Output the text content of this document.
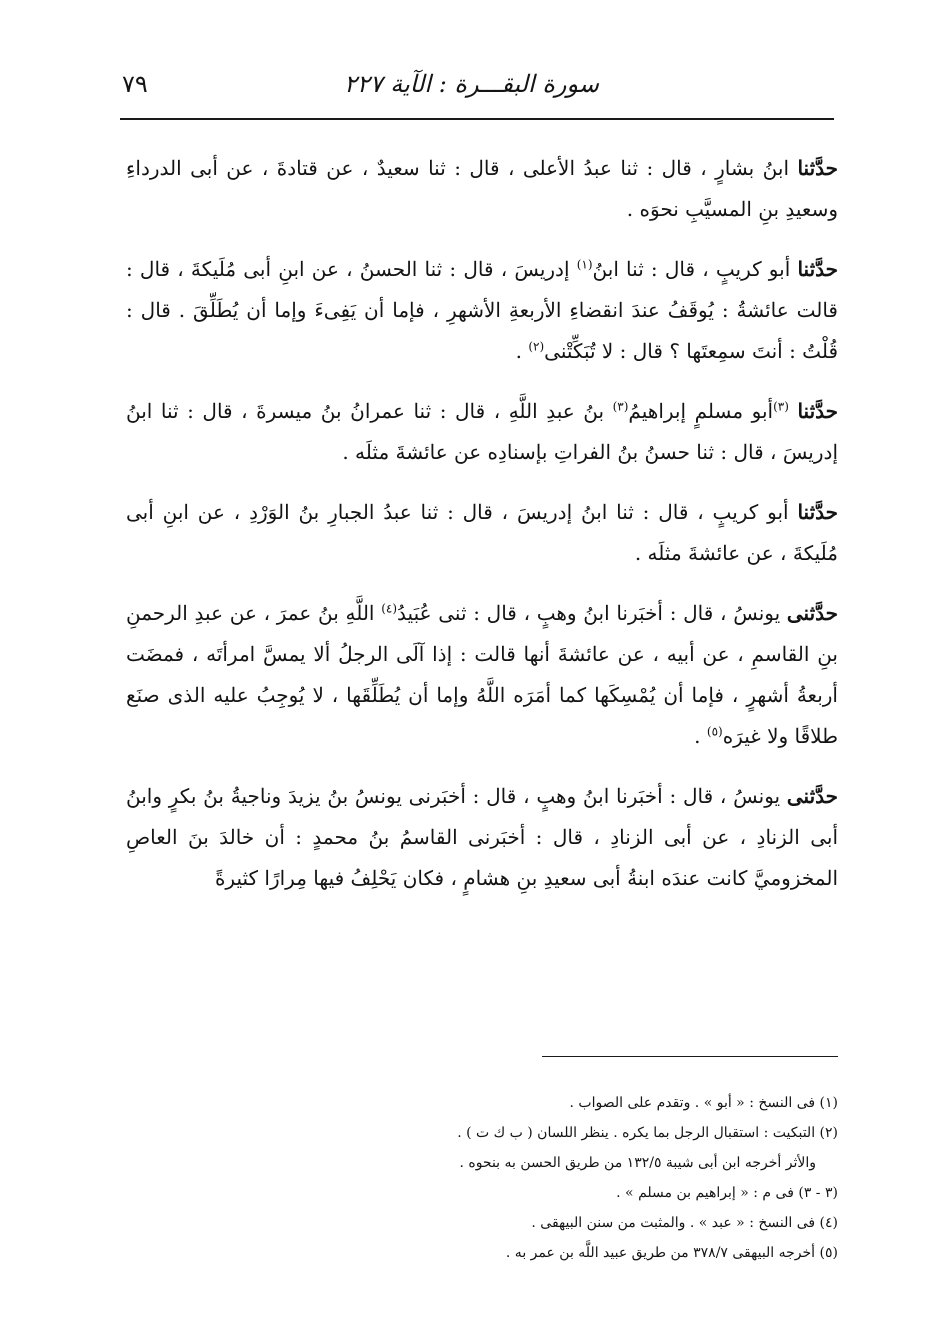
سورة البقـــرة : الآية ٢٢٧
٧٩

حدَّثنا ابنُ بشارٍ ، قال : ثنا عبدُ الأعلى ، قال : ثنا سعيدٌ ، عن قتادةَ ، عن أبى الدرداءِ وسعيدِ بنِ المسيَّبِ نحوَه .

حدَّثنا أبو كريبٍ ، قال : ثنا ابنُ$^{(١)}$ إدريسَ ، قال : ثنا الحسنُ ، عن ابنِ أبى مُلَيكةَ ، قال : قالت عائشةُ : يُوقَفُ عندَ انقضاءِ الأربعةِ الأشهرِ ، فإما أن يَفِىءَ وإما أن يُطَلِّقَ . قال : قُلْتُ : أنتَ سمِعتَها ؟ قال : لا تُبَكِّتْنى$^{(٢)}$ .

حدَّثنا $^{(٣)}$أبو مسلمٍ إبراهيمُ$^{(٣)}$ بنُ عبدِ اللَّهِ ، قال : ثنا عمرانُ بنُ ميسرةَ ، قال : ثنا ابنُ إدريسَ ، قال : ثنا حسنُ بنُ الفراتِ بإسنادِه عن عائشةَ مثلَه .

حدَّثنا أبو كريبٍ ، قال : ثنا ابنُ إدريسَ ، قال : ثنا عبدُ الجبارِ بنُ الوَرْدِ ، عن ابنِ أبى مُلَيكةَ ، عن عائشةَ مثلَه .

حدَّثنى يونسُ ، قال : أخبَرنا ابنُ وهبٍ ، قال : ثنى عُبَيدُ$^{(٤)}$ اللَّهِ بنُ عمرَ ، عن عبدِ الرحمنِ بنِ القاسمِ ، عن أبيه ، عن عائشةَ أنها قالت : إذا آلَى الرجلُ ألا يمسَّ امرأتَه ، فمضَت أربعةُ أشهرٍ ، فإما أن يُمْسِكَها كما أمَرَه اللَّهُ وإما أن يُطَلِّقَها ، لا يُوجِبُ عليه الذى صنَع طلاقًا ولا غيرَه$^{(٥)}$ .

حدَّثنى يونسُ ، قال : أخبَرنا ابنُ وهبٍ ، قال : أخبَرنى يونسُ بنُ يزيدَ وناجيةُ بنُ بكرٍ وابنُ أبى الزنادِ ، عن أبى الزنادِ ، قال : أخبَرنى القاسمُ بنُ محمدٍ : أن خالدَ بنَ العاصِ المخزوميَّ كانت عندَه ابنةُ أبى سعيدِ بنِ هشامٍ ، فكان يَحْلِفُ فيها مِرارًا كثيرةً

(١) فى النسخ : « أبو » . وتقدم على الصواب .
(٢) التبكيت : استقبال الرجل بما يكره . ينظر اللسان ( ب ك ت ) .
والأثر أخرجه ابن أبى شيبة ١٣٢/٥ من طريق الحسن به بنحوه .
(٣ - ٣) فى م : « إبراهيم بن مسلم » .
(٤) فى النسخ : « عبد » . والمثبت من سنن البيهقى .
(٥) أخرجه البيهقى ٣٧٨/٧ من طريق عبيد اللَّه بن عمر به .
